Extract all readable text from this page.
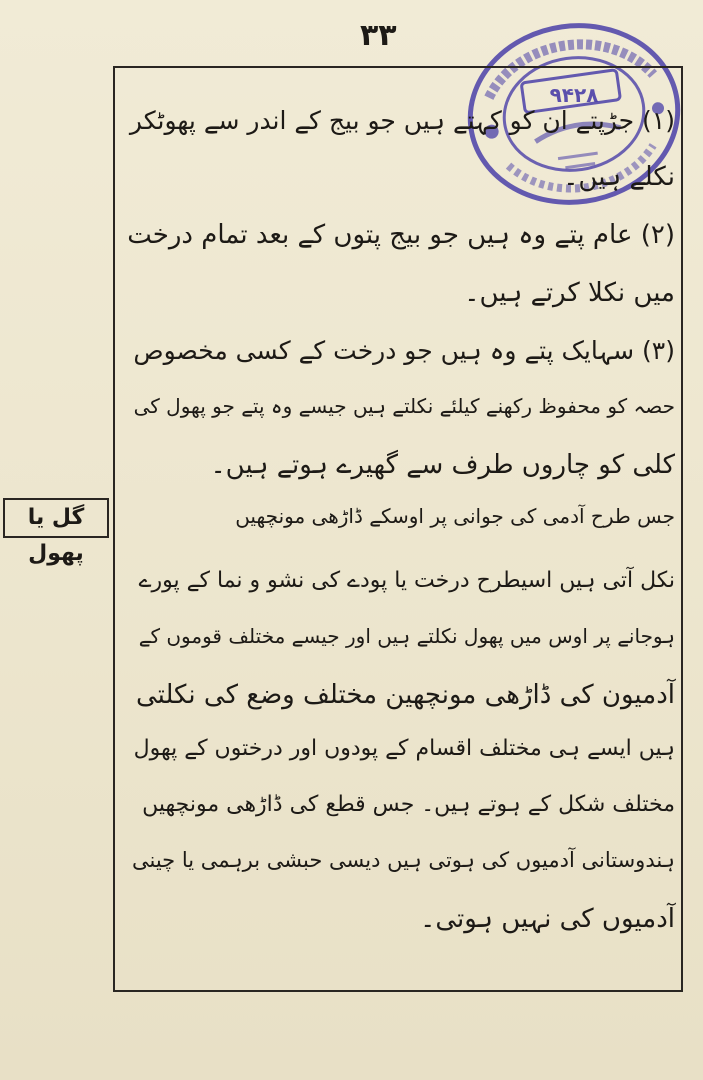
۳۳
۹۴۲۸
گل یا پھول
(۱) جڑپتے ان کو کہتے ہیں جو بیج کے اندر سے پھوٹکر
نکلے ہیں۔
(۲) عام پتے وہ ہیں جو بیج پتوں کے بعد تمام درخت
میں نکلا کرتے ہیں۔
(۳) سہایک پتے وہ ہیں جو درخت کے کسی مخصوص
حصہ کو محفوظ رکھنے کیلئے نکلتے ہیں جیسے وہ پتے جو پھول کی
کلی کو چاروں طرف سے گھیرے ہوتے ہیں۔
جس طرح آدمی کی جوانی پر اوسکے ڈاڑھی مونچھیں
نکل آتی ہیں اسیطرح درخت یا پودے کی نشو و نما کے پورے
ہوجانے پر اوس میں پھول نکلتے ہیں اور جیسے مختلف قوموں کے
آدمیون کی ڈاڑھی مونچھین مختلف وضع کی نکلتی
ہیں ایسے ہی مختلف اقسام کے پودوں اور درختوں کے پھول
مختلف شکل کے ہوتے ہیں۔ جس قطع کی ڈاڑھی مونچھیں
ہندوستانی آدمیوں کی ہوتی ہیں دیسی حبشی برہمی یا چینی
آدمیوں کی نہیں ہوتی۔
